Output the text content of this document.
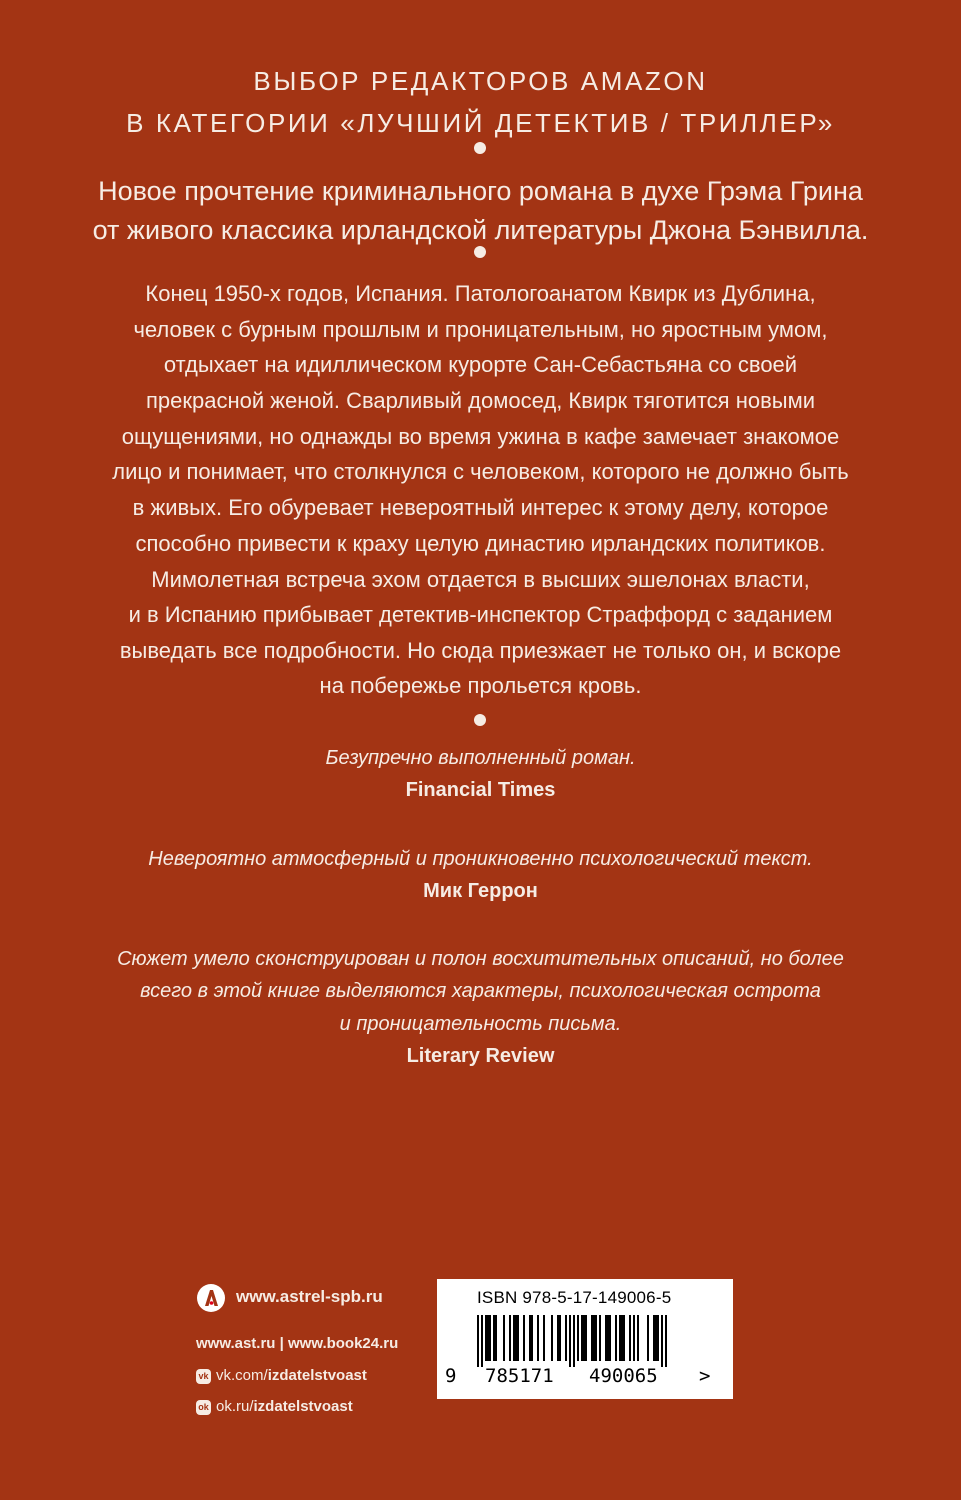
ВЫБОР РЕДАКТОРОВ AMAZON
В КАТЕГОРИИ «ЛУЧШИЙ ДЕТЕКТИВ / ТРИЛЛЕР»
Новое прочтение криминального романа в духе Грэма Грина
от живого классика ирландской литературы Джона Бэнвилла.
Конец 1950-х годов, Испания. Патологоанатом Квирк из Дублина,
человек с бурным прошлым и проницательным, но яростным умом,
отдыхает на идиллическом курорте Сан-Себастьяна со своей
прекрасной женой. Сварливый домосед, Квирк тяготится новыми
ощущениями, но однажды во время ужина в кафе замечает знакомое
лицо и понимает, что столкнулся с человеком, которого не должно быть
в живых. Его обуревает невероятный интерес к этому делу, которое
способно привести к краху целую династию ирландских политиков.
Мимолетная встреча эхом отдается в высших эшелонах власти,
и в Испанию прибывает детектив-инспектор Страффорд с заданием
выведать все подробности. Но сюда приезжает не только он, и вскоре
на побережье прольется кровь.
Безупречно выполненный роман.
Financial Times
Невероятно атмосферный и проникновенно психологический текст.
Мик Геррон
Сюжет умело сконструирован и полон восхитительных описаний, но более
всего в этой книге выделяются характеры, психологическая острота
и проницательность письма.
Literary Review
www.astrel-spb.ru
www.ast.ru | www.book24.ru
vk vk.com/izdatelstvoast
ok ok.ru/izdatelstvoast
ISBN 978-5-17-149006-5
9 785171 490065 >
